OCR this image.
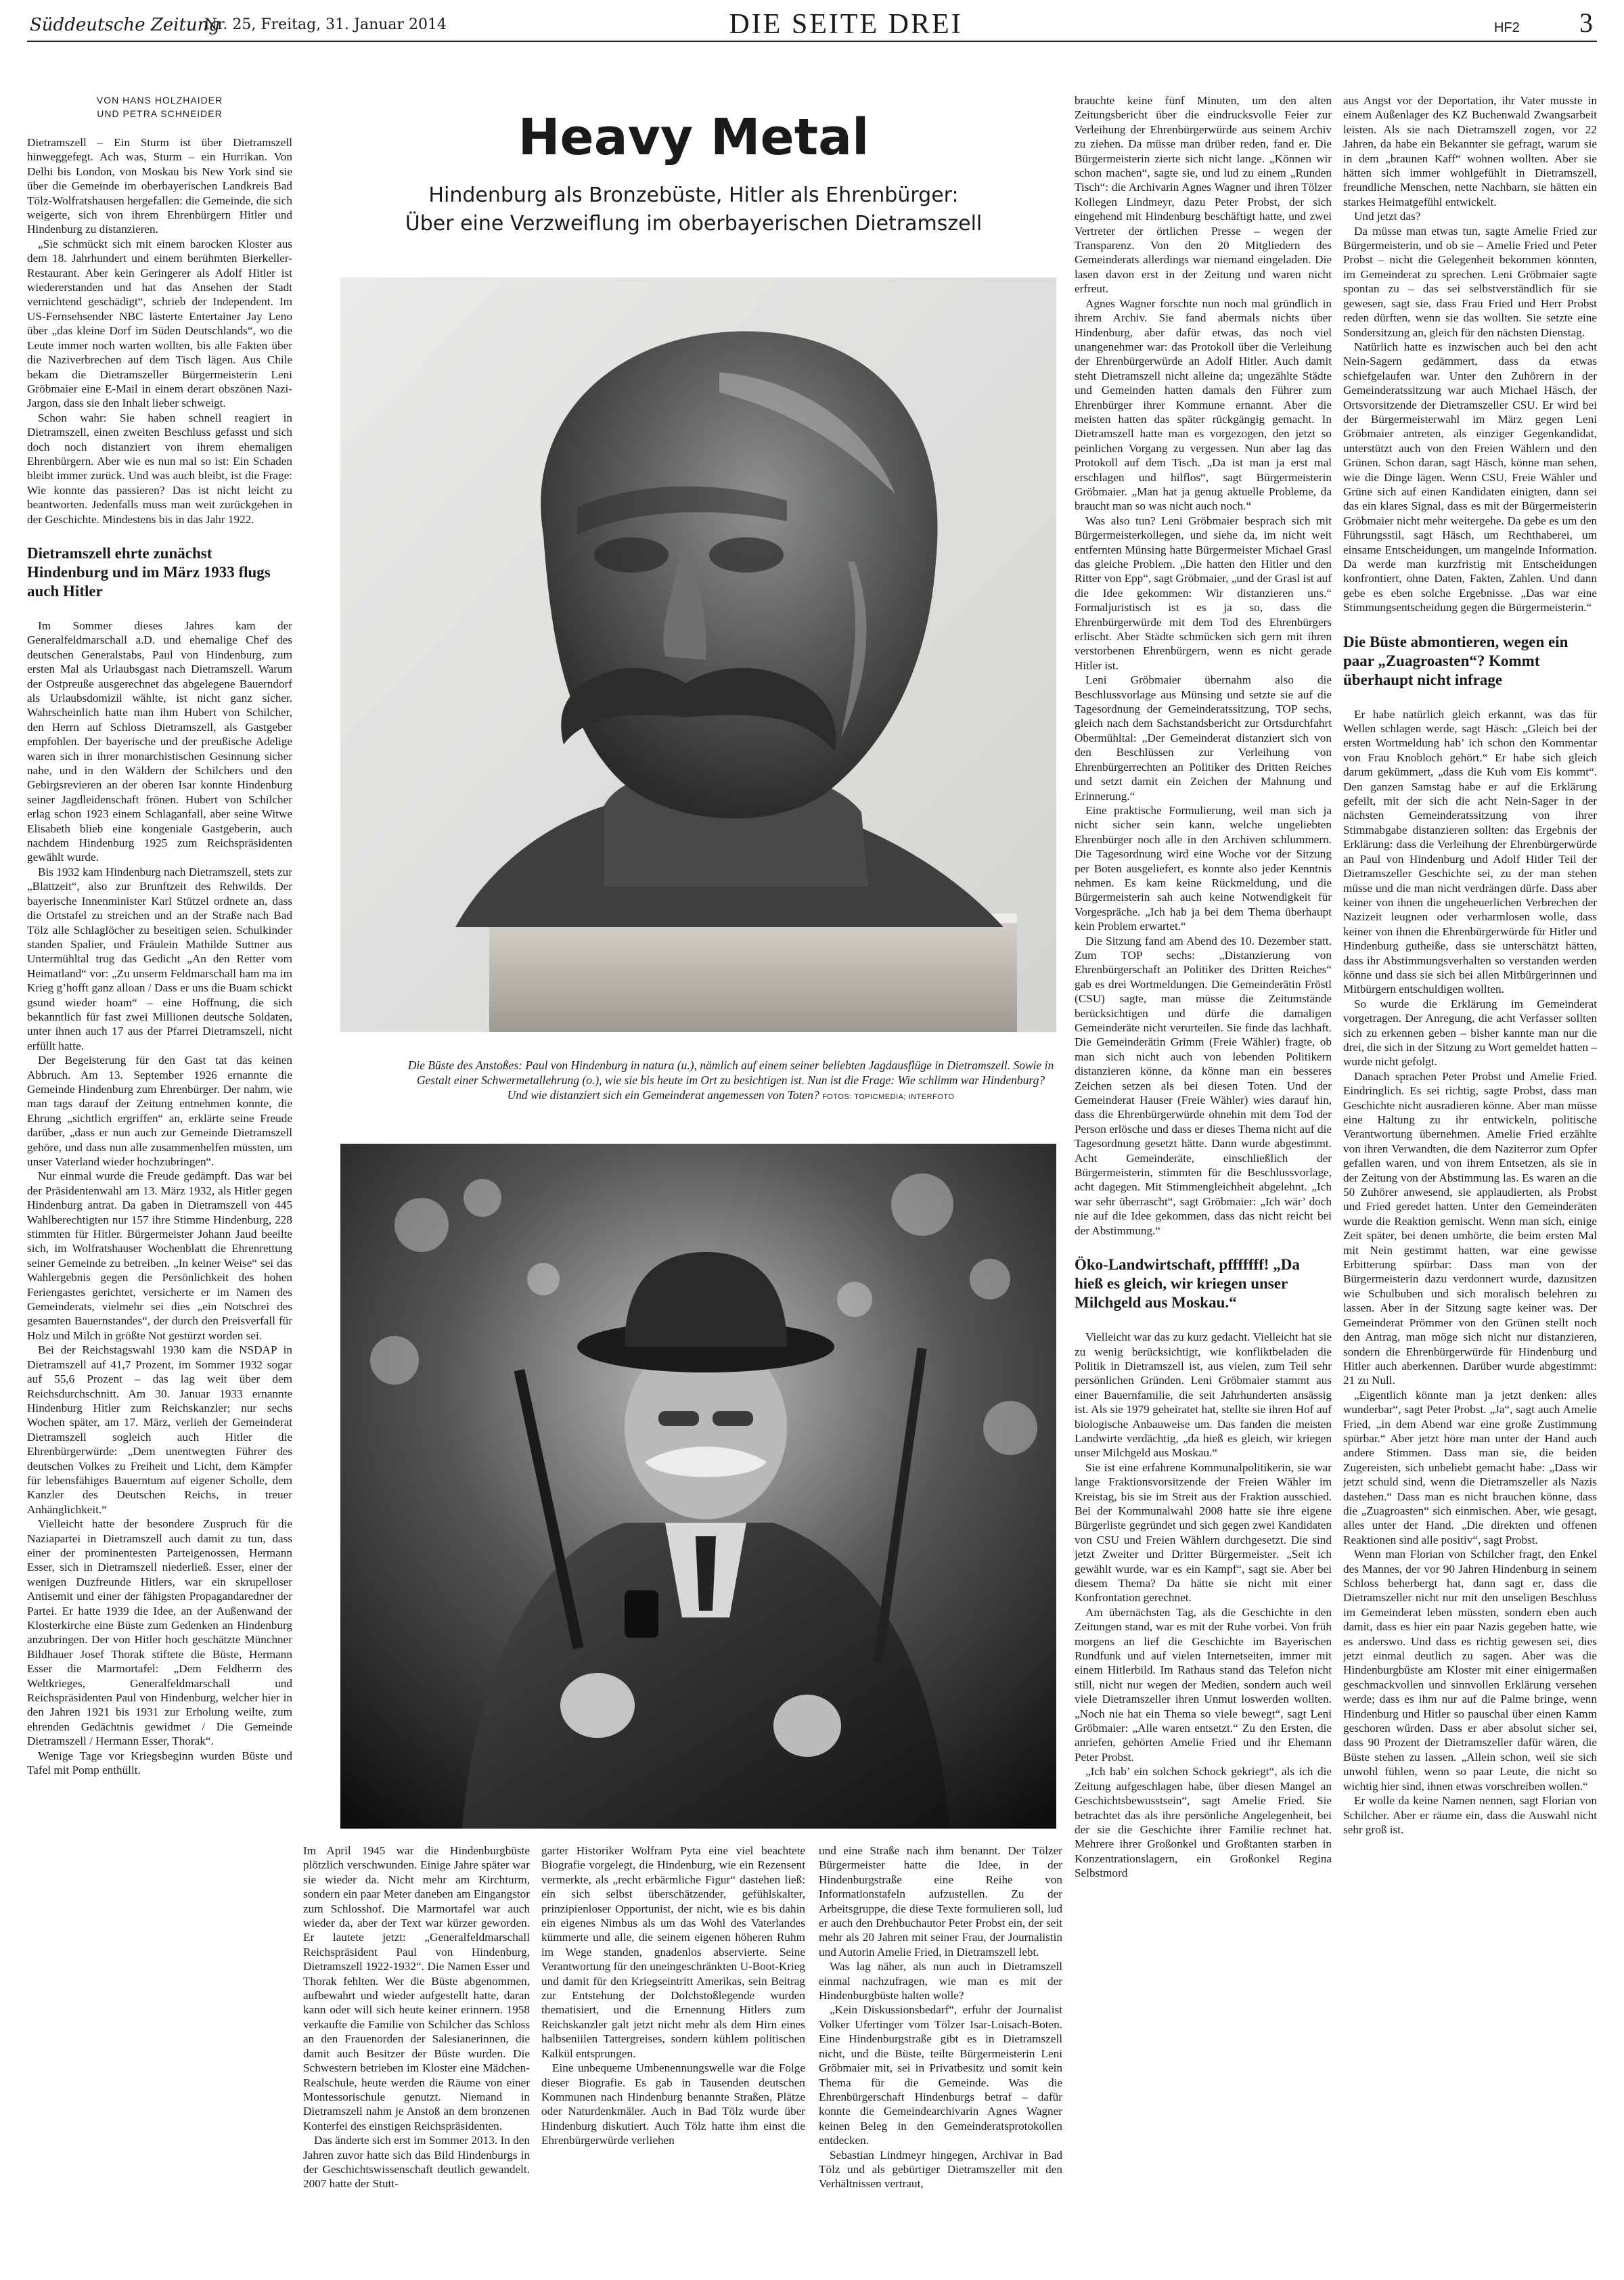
Süddeutsche Zeitung
Nr. 25, Freitag, 31. Januar 2014	DIE SEITE DREI	HF2 3
VON HANS HOLZHAIDER
UND PETRA SCHNEIDER

Dietramszell – Ein Sturm ist über Dietramszell hinweggefegt. Ach was, Sturm – ein Hurrikan. Von Delhi bis London, von Moskau bis New York sind sie über die Gemeinde im oberbayerischen Landkreis Bad Tölz-Wolfratshausen hergefallen: die Gemeinde, die sich weigerte, sich von ihrem Ehrenbürgern Hitler und Hindenburg zu distanzieren.

„Sie schmückt sich mit einem barocken Kloster aus dem 18. Jahrhundert und einem berühmten Bierkeller-Restaurant. Aber kein Geringerer als Adolf Hitler ist wiedererstanden und hat das Ansehen der Stadt vernichtend geschädigt“, schrieb der Independent. Im US-Fernsehsender NBC lästerte Entertainer Jay Leno über „das kleine Dorf im Süden Deutschlands“, wo die Leute immer noch warten wollten, bis alle Fakten über die Naziverbrechen auf dem Tisch lägen. Aus Chile bekam die Dietramszeller Bürgermeisterin Leni Gröbmaier eine E-Mail in einem derart obszönen Nazi-Jargon, dass sie den Inhalt lieber schweigt.

Schon wahr: Sie haben schnell reagiert in Dietramszell, einen zweiten Beschluss gefasst und sich doch noch distanziert von ihrem ehemaligen Ehrenbürgern. Aber wie es nun mal so ist: Ein Schaden bleibt immer zurück. Und was auch bleibt, ist die Frage: Wie konnte das passieren? Das ist nicht leicht zu beantworten. Jedenfalls muss man weit zurückgehen in der Geschichte. Mindestens bis in das Jahr 1922.

Dietramszell ehrte zunächst Hindenburg und im März 1933 flugs auch Hitler

Im Sommer dieses Jahres kam der Generalfeldmarschall a.D. und ehemalige Chef des deutschen Generalstabs, Paul von Hindenburg, zum ersten Mal als Urlaubsgast nach Dietramszell. Warum der Ostpreuße ausgerechnet das abgelegene Bauerndorf als Urlaubsdomizil wählte, ist nicht ganz sicher. Wahrscheinlich hatte man ihm Hubert von Schilcher, den Herrn auf Schloss Dietramszell, als Gastgeber empfohlen. Der bayerische und der preußische Adelige waren sich in ihrer monarchistischen Gesinnung sicher nahe, und in den Wäldern der Schilchers und den Gebirgsrevieren an der oberen Isar konnte Hindenburg seiner Jagdleidenschaft frönen. Hubert von Schilcher erlag schon 1923 einem Schlaganfall, aber seine Witwe Elisabeth blieb eine kongeniale Gastgeberin, auch nachdem Hindenburg 1925 zum Reichspräsidenten gewählt wurde.

Bis 1932 kam Hindenburg nach Dietramszell, stets zur „Blattzeit“, also zur Brunftzeit des Rehwilds. Der bayerische Innenminister Karl Stützel ordnete an, dass die Ortstafel zu streichen und an der Straße nach Bad Tölz alle Schlaglöcher zu beseitigen seien. Schulkinder standen Spalier, und Fräulein Mathilde Suttner aus Untermühltal trug das Gedicht „An den Retter vom Heimatland“ vor: „Zu unserm Feldmarschall ham ma im Krieg g’hofft ganz alloan / Dass er uns die Buam schickt gsund wieder hoam“ – eine Hoffnung, die sich bekanntlich für fast zwei Millionen deutsche Soldaten, unter ihnen auch 17 aus der Pfarrei Dietramszell, nicht erfüllt hatte.

Der Begeisterung für den Gast tat das keinen Abbruch. Am 13. September 1926 ernannte die Gemeinde Hindenburg zum Ehrenbürger. Der nahm, wie man tags darauf der Zeitung entnehmen konnte, die Ehrung „sichtlich ergriffen“ an, erklärte seine Freude darüber, „dass er nun auch zur Gemeinde Dietramszell gehöre, und dass nun alle zusammenhelfen müssten, um unser Vaterland wieder hochzubringen“.

Nur einmal wurde die Freude gedämpft. Das war bei der Präsidentenwahl am 13. März 1932, als Hitler gegen Hindenburg antrat. Da gaben in Dietramszell von 445 Wahlberechtigten nur 157 ihre Stimme Hindenburg, 228 stimmten für Hitler. Bürgermeister Johann Jaud beeilte sich, im Wolfratshauser Wochenblatt die Ehrenrettung seiner Gemeinde zu betreiben. „In keiner Weise“ sei das Wahlergebnis gegen die Persönlichkeit des hohen Feriengastes gerichtet, versicherte er im Namen des Gemeinderats, vielmehr sei dies „ein Notschrei des gesamten Bauernstandes“, der durch den Preisverfall für Holz und Milch in größte Not gestürzt worden sei.

Bei der Reichstagswahl 1930 kam die NSDAP in Dietramszell auf 41,7 Prozent, im Sommer 1932 sogar auf 55,6 Prozent – das lag weit über dem Reichsdurchschnitt. Am 30. Januar 1933 ernannte Hindenburg Hitler zum Reichskanzler; nur sechs Wochen später, am 17. März, verlieh der Gemeinderat Dietramszell sogleich auch Hitler die Ehrenbürgerwürde: „Dem unentwegten Führer des deutschen Volkes zu Freiheit und Licht, dem Kämpfer für lebensfähiges Bauerntum auf eigener Scholle, dem Kanzler des Deutschen Reichs, in treuer Anhänglichkeit.“

Vielleicht hatte der besondere Zuspruch für die Naziapartei in Dietramszell auch damit zu tun, dass einer der prominentesten Parteigenossen, Hermann Esser, sich in Dietramszell niederließ. Esser, einer der wenigen Duzfreunde Hitlers, war ein skrupelloser Antisemit und einer der fähigsten Propagandaredner der Partei. Er hatte 1939 die Idee, an der Außenwand der Klosterkirche eine Büste zum Gedenken an Hindenburg anzubringen. Der von Hitler hoch geschätzte Münchner Bildhauer Josef Thorak stiftete die Büste, Hermann Esser die Marmortafel: „Dem Feldherrn des Weltkrieges, Generalfeldmarschall und Reichspräsidenten Paul von Hindenburg, welcher hier in den Jahren 1921 bis 1931 zur Erholung weilte, zum ehrenden Gedächtnis gewidmet / Die Gemeinde Dietramszell / Hermann Esser, Thorak“.

Wenige Tage vor Kriegsbeginn wurden Büste und Tafel mit Pomp enthüllt.

Heavy Metal
Hindenburg als Bronzebüste, Hitler als Ehrenbürger:
Über eine Verzweiflung im oberbayerischen Dietramszell
Die Büste des Anstoßes: Paul von Hindenburg in natura (u.), nämlich auf einem seiner beliebten Jagdausflüge in Dietramszell. Sowie in Gestalt einer Schwermetallehrung (o.), wie sie bis heute im Ort zu besichtigen ist. Nun ist die Frage: Wie schlimm war Hindenburg? Und wie distanziert sich ein Gemeinderat angemessen von Toten? FOTOS: TOPICMEDIA; INTERFOTO

Im April 1945 war die Hindenburgbüste plötzlich verschwunden. Einige Jahre später war sie wieder da. Nicht mehr am Kirchturm, sondern ein paar Meter daneben am Eingangstor zum Schlosshof. Die Marmortafel war auch wieder da, aber der Text war kürzer geworden. Er lautete jetzt: „Generalfeldmarschall Reichspräsident Paul von Hindenburg, Dietramszell 1922-1932“. Die Namen Esser und Thorak fehlten. Wer die Büste abgenommen, aufbewahrt und wieder aufgestellt hatte, daran kann oder will sich heute keiner erinnern. 1958 verkaufte die Familie von Schilcher das Schloss an den Frauenorden der Salesianerinnen, die damit auch Besitzer der Büste wurden. Die Schwestern betrieben im Kloster eine Mädchen-Realschule, heute werden die Räume von einer Montessorischule genutzt. Niemand in Dietramszell nahm je Anstoß an dem bronzenen Konterfei des einstigen Reichspräsidenten.

Das änderte sich erst im Sommer 2013. In den Jahren zuvor hatte sich das Bild Hindenburgs in der Geschichtswissenschaft deutlich gewandelt. 2007 hatte der Stutt-

garter Historiker Wolfram Pyta eine viel beachtete Biografie vorgelegt, die Hindenburg, wie ein Rezensent vermerkte, als „recht erbärmliche Figur“ dastehen ließ: ein sich selbst überschätzender, gefühlskalter, prinzipienloser Opportunist, der nicht, wie es bis dahin ein eigenes Nimbus als um das Wohl des Vaterlandes kümmerte und alle, die seinem eigenen höheren Ruhm im Wege standen, gnadenlos abservierte. Seine Verantwortung für den uneingeschränkten U-Boot-Krieg und damit für den Kriegseintritt Amerikas, sein Beitrag zur Entstehung der Dolchstoßlegende wurden thematisiert, und die Ernennung Hitlers zum Reichskanzler galt jetzt nicht mehr als dem Hirn eines halbseniilen Tattergreises, sondern kühlem politischen Kalkül entsprungen.

Eine unbequeme Umbenennungswelle war die Folge dieser Biografie. Es gab in Tausenden deutschen Kommunen nach Hindenburg benannte Straßen, Plätze oder Naturdenkmäler. Auch in Bad Tölz wurde über Hindenburg diskutiert. Auch Tölz hatte ihm einst die Ehrenbürgerwürde verliehen

und eine Straße nach ihm benannt. Der Tölzer Bürgermeister hatte die Idee, in der Hindenburgstraße eine Reihe von Informationstafeln aufzustellen. Zu der Arbeitsgruppe, die diese Texte formulieren soll, lud er auch den Drehbuchautor Peter Probst ein, der seit mehr als 20 Jahren mit seiner Frau, der Journalistin und Autorin Amelie Fried, in Dietramszell lebt.

Was lag näher, als nun auch in Dietramszell einmal nachzufragen, wie man es mit der Hindenburgbüste halten wolle?

„Kein Diskussionsbedarf“, erfuhr der Journalist Volker Ufertinger vom Tölzer Isar-Loisach-Boten. Eine Hindenburgstraße gibt es in Dietramszell nicht, und die Büste, teilte Bürgermeisterin Leni Gröbmaier mit, sei in Privatbesitz und somit kein Thema für die Gemeinde. Was die Ehrenbürgerschaft Hindenburgs betraf – dafür konnte die Gemeindearchivarin Agnes Wagner keinen Beleg in den Gemeinderatsprotokollen entdecken.

Sebastian Lindmeyr hingegen, Archivar in Bad Tölz und als gebürtiger Dietramszeller mit den Verhältnissen vertraut,

brauchte keine fünf Minuten, um den alten Zeitungsbericht über die eindrucksvolle Feier zur Verleihung der Ehrenbürgerwürde aus seinem Archiv zu ziehen. Da müsse man drüber reden, fand er. Die Bürgermeisterin zierte sich nicht lange. „Können wir schon machen“, sagte sie, und lud zu einem „Runden Tisch“: die Archivarin Agnes Wagner und ihren Tölzer Kollegen Lindmeyr, dazu Peter Probst, der sich eingehend mit Hindenburg beschäftigt hatte, und zwei Vertreter der örtlichen Presse – wegen der Transparenz. Von den 20 Mitgliedern des Gemeinderats allerdings war niemand eingeladen. Die lasen davon erst in der Zeitung und waren nicht erfreut.

Agnes Wagner forschte nun noch mal gründlich in ihrem Archiv. Sie fand abermals nichts über Hindenburg, aber dafür etwas, das noch viel unangenehmer war: das Protokoll über die Verleihung der Ehrenbürgerwürde an Adolf Hitler. Auch damit steht Dietramszell nicht alleine da; ungezählte Städte und Gemeinden hatten damals den Führer zum Ehrenbürger ihrer Kommune ernannt. Aber die meisten hatten das später rückgängig gemacht. In Dietramszell hatte man es vorgezogen, den jetzt so peinlichen Vorgang zu vergessen. Nun aber lag das Protokoll auf dem Tisch. „Da ist man ja erst mal erschlagen und hilflos“, sagt Bürgermeisterin Gröbmaier. „Man hat ja genug aktuelle Probleme, da braucht man so was nicht auch noch.“

Was also tun? Leni Gröbmaier besprach sich mit Bürgermeisterkollegen, und siehe da, im nicht weit entfernten Münsing hatte Bürgermeister Michael Grasl das gleiche Problem. „Die hatten den Hitler und den Ritter von Epp“, sagt Gröbmaier, „und der Grasl ist auf die Idee gekommen: Wir distanzieren uns.“ Formaljuristisch ist es ja so, dass die Ehrenbürgerwürde mit dem Tod des Ehrenbürgers erlischt. Aber Städte schmücken sich gern mit ihren verstorbenen Ehrenbürgern, wenn es nicht gerade Hitler ist.

Leni Gröbmaier übernahm also die Beschlussvorlage aus Münsing und setzte sie auf die Tagesordnung der Gemeinderatssitzung, TOP sechs, gleich nach dem Sachstandsbericht zur Ortsdurchfahrt Obermühltal: „Der Gemeinderat distanziert sich von den Beschlüssen zur Verleihung von Ehrenbürgerrechten an Politiker des Dritten Reiches und setzt damit ein Zeichen der Mahnung und Erinnerung.“

Eine praktische Formulierung, weil man sich ja nicht sicher sein kann, welche ungeliebten Ehrenbürger noch alle in den Archiven schlummern. Die Tagesordnung wird eine Woche vor der Sitzung per Boten ausgeliefert, es konnte also jeder Kenntnis nehmen. Es kam keine Rückmeldung, und die Bürgermeisterin sah auch keine Notwendigkeit für Vorgespräche. „Ich hab ja bei dem Thema überhaupt kein Problem erwartet.“

Die Sitzung fand am Abend des 10. Dezember statt. Zum TOP sechs: „Distanzierung von Ehrenbürgerschaft an Politiker des Dritten Reiches“ gab es drei Wortmeldungen. Die Gemeinderätin Fröstl (CSU) sagte, man müsse die Zeitumstände berücksichtigen und dürfe die damaligen Gemeinderäte nicht verurteilen. Sie finde das lachhaft. Die Gemeinderätin Grimm (Freie Wähler) fragte, ob man sich nicht auch von lebenden Politikern distanzieren könne, da könne man ein besseres Zeichen setzen als bei diesen Toten. Und der Gemeinderat Hauser (Freie Wähler) wies darauf hin, dass die Ehrenbürgerwürde ohnehin mit dem Tod der Person erlösche und dass er dieses Thema nicht auf die Tagesordnung gesetzt hätte. Dann wurde abgestimmt. Acht Gemeinderäte, einschließlich der Bürgermeisterin, stimmten für die Beschlussvorlage, acht dagegen. Mit Stimmengleichheit abgelehnt. „Ich war sehr überrascht“, sagt Gröbmaier: „Ich wär’ doch nie auf die Idee gekommen, dass das nicht reicht bei der Abstimmung.“

Öko-Landwirtschaft, pfffffff! „Da hieß es gleich, wir kriegen unser Milchgeld aus Moskau.“

Vielleicht war das zu kurz gedacht. Vielleicht hat sie zu wenig berücksichtigt, wie konfliktbeladen die Politik in Dietramszell ist, aus vielen, zum Teil sehr persönlichen Gründen. Leni Gröbmaier stammt aus einer Bauernfamilie, die seit Jahrhunderten ansässig ist. Als sie 1979 geheiratet hat, stellte sie ihren Hof auf biologische Anbauweise um. Das fanden die meisten Landwirte verdächtig, „da hieß es gleich, wir kriegen unser Milchgeld aus Moskau.“

Sie ist eine erfahrene Kommunalpolitikerin, sie war lange Fraktionsvorsitzende der Freien Wähler im Kreistag, bis sie im Streit aus der Fraktion ausschied. Bei der Kommunalwahl 2008 hatte sie ihre eigene Bürgerliste gegründet und sich gegen zwei Kandidaten von CSU und Freien Wählern durchgesetzt. Die sind jetzt Zweiter und Dritter Bürgermeister. „Seit ich gewählt wurde, war es ein Kampf“, sagt sie. Aber bei diesem Thema? Da hätte sie nicht mit einer Konfrontation gerechnet.

Am übernächsten Tag, als die Geschichte in den Zeitungen stand, war es mit der Ruhe vorbei. Von früh morgens an lief die Geschichte im Bayerischen Rundfunk und auf vielen Internetseiten, immer mit einem Hitlerbild. Im Rathaus stand das Telefon nicht still, nicht nur wegen der Medien, sondern auch weil viele Dietramszeller ihren Unmut loswerden wollten. „Noch nie hat ein Thema so viele bewegt“, sagt Leni Gröbmaier: „Alle waren entsetzt.“ Zu den Ersten, die anriefen, gehörten Amelie Fried und ihr Ehemann Peter Probst.

„Ich hab’ ein solchen Schock gekriegt“, als ich die Zeitung aufgeschlagen habe, über diesen Mangel an Geschichtsbewusstsein“, sagt Amelie Fried. Sie betrachtet das als ihre persönliche Angelegenheit, bei der sie die Geschichte ihrer Familie rechnet hat. Mehrere ihrer Großonkel und Großtanten starben in Konzentrationslagern, ein Großonkel Regina Selbstmord

aus Angst vor der Deportation, ihr Vater musste in einem Außenlager des KZ Buchenwald Zwangsarbeit leisten. Als sie nach Dietramszell zogen, vor 22 Jahren, da habe ein Bekannter sie gefragt, warum sie in dem „braunen Kaff“ wohnen wollten. Aber sie hätten sich immer wohlgefühlt in Dietramszell, freundliche Menschen, nette Nachbarn, sie hätten ein starkes Heimatgefühl entwickelt.

Und jetzt das?

Da müsse man etwas tun, sagte Amelie Fried zur Bürgermeisterin, und ob sie – Amelie Fried und Peter Probst – nicht die Gelegenheit bekommen könnten, im Gemeinderat zu sprechen. Leni Gröbmaier sagte spontan zu – das sei selbstverständlich für sie gewesen, sagt sie, dass Frau Fried und Herr Probst reden dürften, wenn sie das wollten. Sie setzte eine Sondersitzung an, gleich für den nächsten Dienstag.

Natürlich hatte es inzwischen auch bei den acht Nein-Sagern gedämmert, dass da etwas schiefgelaufen war. Unter den Zuhörern in der Gemeinderatssitzung war auch Michael Häsch, der Ortsvorsitzende der Dietramszeller CSU. Er wird bei der Bürgermeisterwahl im März gegen Leni Gröbmaier antreten, als einziger Gegenkandidat, unterstützt auch von den Freien Wählern und den Grünen. Schon daran, sagt Häsch, könne man sehen, wie die Dinge lägen. Wenn CSU, Freie Wähler und Grüne sich auf einen Kandidaten einigten, dann sei das ein klares Signal, dass es mit der Bürgermeisterin Gröbmaier nicht mehr weitergehe. Da gebe es um den Führungsstil, sagt Häsch, um Rechthaberei, um einsame Entscheidungen, um mangelnde Information. Da werde man kurzfristig mit Entscheidungen konfrontiert, ohne Daten, Fakten, Zahlen. Und dann gebe es eben solche Ergebnisse. „Das war eine Stimmungsentscheidung gegen die Bürgermeisterin.“

Die Büste abmontieren, wegen ein paar „Zuagroasten“? Kommt überhaupt nicht infrage

Er habe natürlich gleich erkannt, was das für Wellen schlagen werde, sagt Häsch: „Gleich bei der ersten Wortmeldung hab’ ich schon den Kommentar von Frau Knobloch gehört.“ Er habe sich gleich darum gekümmert, „dass die Kuh vom Eis kommt“. Den ganzen Samstag habe er auf die Erklärung gefeilt, mit der sich die acht Nein-Sager in der nächsten Gemeinderatssitzung von ihrer Stimmabgabe distanzieren sollten: das Ergebnis der Erklärung: dass die Verleihung der Ehrenbürgerwürde an Paul von Hindenburg und Adolf Hitler Teil der Dietramszeller Geschichte sei, zu der man stehen müsse und die man nicht verdrängen dürfe. Dass aber keiner von ihnen die ungeheuerlichen Verbrechen der Nazizeit leugnen oder verharmlosen wolle, dass keiner von ihnen die Ehrenbürgerwürde für Hitler und Hindenburg gutheiße, dass sie unterschätzt hätten, dass ihr Abstimmungsverhalten so verstanden werden könne und dass sie sich bei allen Mitbürgerinnen und Mitbürgern entschuldigen wollten.

So wurde die Erklärung im Gemeinderat vorgetragen. Der Anregung, die acht Verfasser sollten sich zu erkennen geben – bisher kannte man nur die drei, die sich in der Sitzung zu Wort gemeldet hatten – wurde nicht gefolgt.

Danach sprachen Peter Probst und Amelie Fried. Eindringlich. Es sei richtig, sagte Probst, dass man Geschichte nicht ausradieren könne. Aber man müsse eine Haltung zu ihr entwickeln, politische Verantwortung übernehmen. Amelie Fried erzählte von ihren Verwandten, die dem Naziterror zum Opfer gefallen waren, und von ihrem Entsetzen, als sie in der Zeitung von der Abstimmung las. Es waren an die 50 Zuhörer anwesend, sie applaudierten, als Probst und Fried geredet hatten. Unter den Gemeinderäten wurde die Reaktion gemischt. Wenn man sich, einige Zeit später, bei denen umhörte, die beim ersten Mal mit Nein gestimmt hatten, war eine gewisse Erbitterung spürbar: Dass man von der Bürgermeisterin dazu verdonnert wurde, dazusitzen wie Schulbuben und sich moralisch belehren zu lassen. Aber in der Sitzung sagte keiner was. Der Gemeinderat Prömmer von den Grünen stellt noch den Antrag, man möge sich nicht nur distanzieren, sondern die Ehrenbürgerwürde für Hindenburg und Hitler auch aberkennen. Darüber wurde abgestimmt: 21 zu Null.

„Eigentlich könnte man ja jetzt denken: alles wunderbar“, sagt Peter Probst. „Ja“, sagt auch Amelie Fried, „in dem Abend war eine große Zustimmung spürbar.“ Aber jetzt höre man unter der Hand auch andere Stimmen. Dass man sie, die beiden Zugereisten, sich unbeliebt gemacht habe: „Dass wir jetzt schuld sind, wenn die Dietramszeller als Nazis dastehen.“ Dass man es nicht brauchen könne, dass die „Zuagroasten“ sich einmischen. Aber, wie gesagt, alles unter der Hand. „Die direkten und offenen Reaktionen sind alle positiv“, sagt Probst.

Wenn man Florian von Schilcher fragt, den Enkel des Mannes, der vor 90 Jahren Hindenburg in seinem Schloss beherbergt hat, dann sagt er, dass die Dietramszeller nicht nur mit den unseligen Beschluss im Gemeinderat leben müssten, sondern eben auch damit, dass es hier ein paar Nazis gegeben hatte, wie es anderswo. Und dass es richtig gewesen sei, dies jetzt einmal deutlich zu sagen. Aber was die Hindenburgbüste am Kloster mit einer einigermaßen geschmackvollen und sinnvollen Erklärung versehen werde; dass es ihm nur auf die Palme bringe, wenn Hindenburg und Hitler so pauschal über einen Kamm geschoren würden. Dass er aber absolut sicher sei, dass 90 Prozent der Dietramszeller dafür wären, die Büste stehen zu lassen. „Allein schon, weil sie sich unwohl fühlen, wenn so paar Leute, die nicht so wichtig hier sind, ihnen etwas vorschreiben wollen.“

Er wolle da keine Namen nennen, sagt Florian von Schilcher. Aber er räume ein, dass die Auswahl nicht sehr groß ist.
